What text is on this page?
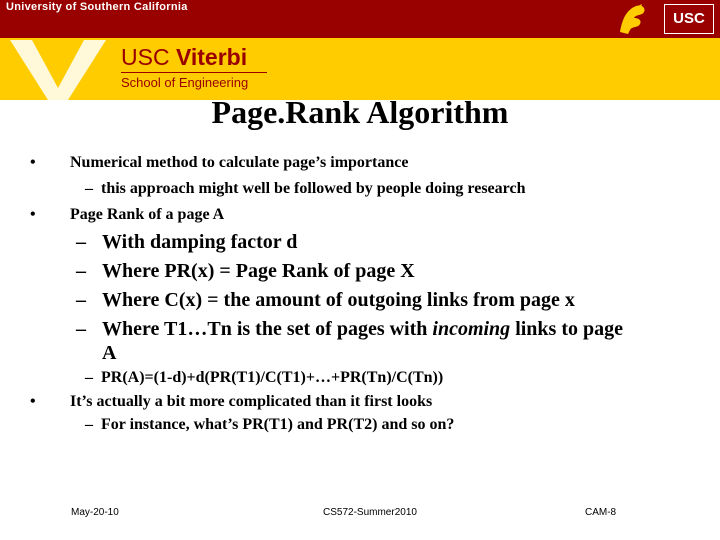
University of Southern California
USC
USC Viterbi
School of Engineering
Page.Rank Algorithm
• Numerical method to calculate page’s importance
– this approach might well be followed by people doing research
• Page Rank of a page A
– With damping factor d
– Where PR(x) = Page Rank of page X
– Where C(x) = the amount of outgoing links from page x
– Where T1…Tn is the set of pages with incoming links to page
A
– PR(A)=(1-d)+d(PR(T1)/C(T1)+…+PR(Tn)/C(Tn))
• It’s actually a bit more complicated than it first looks
– For instance, what’s PR(T1) and PR(T2) and so on?
May-20-10	CS572-Summer2010	CAM-8
